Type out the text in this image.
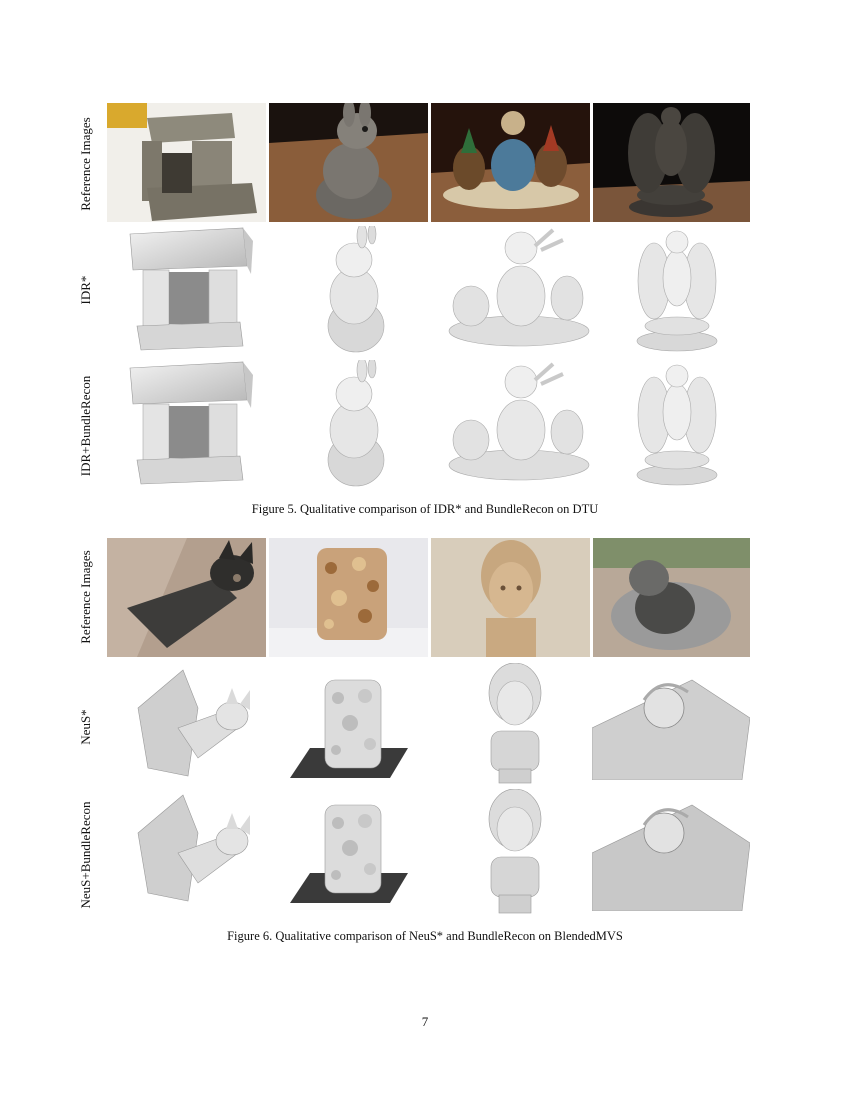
Reference Images
IDR*
IDR+BundleRecon
Figure 5. Qualitative comparison of IDR* and BundleRecon on DTU
Reference Images
NeuS*
NeuS+BundleRecon
Figure 6. Qualitative comparison of NeuS* and BundleRecon on BlendedMVS
7
